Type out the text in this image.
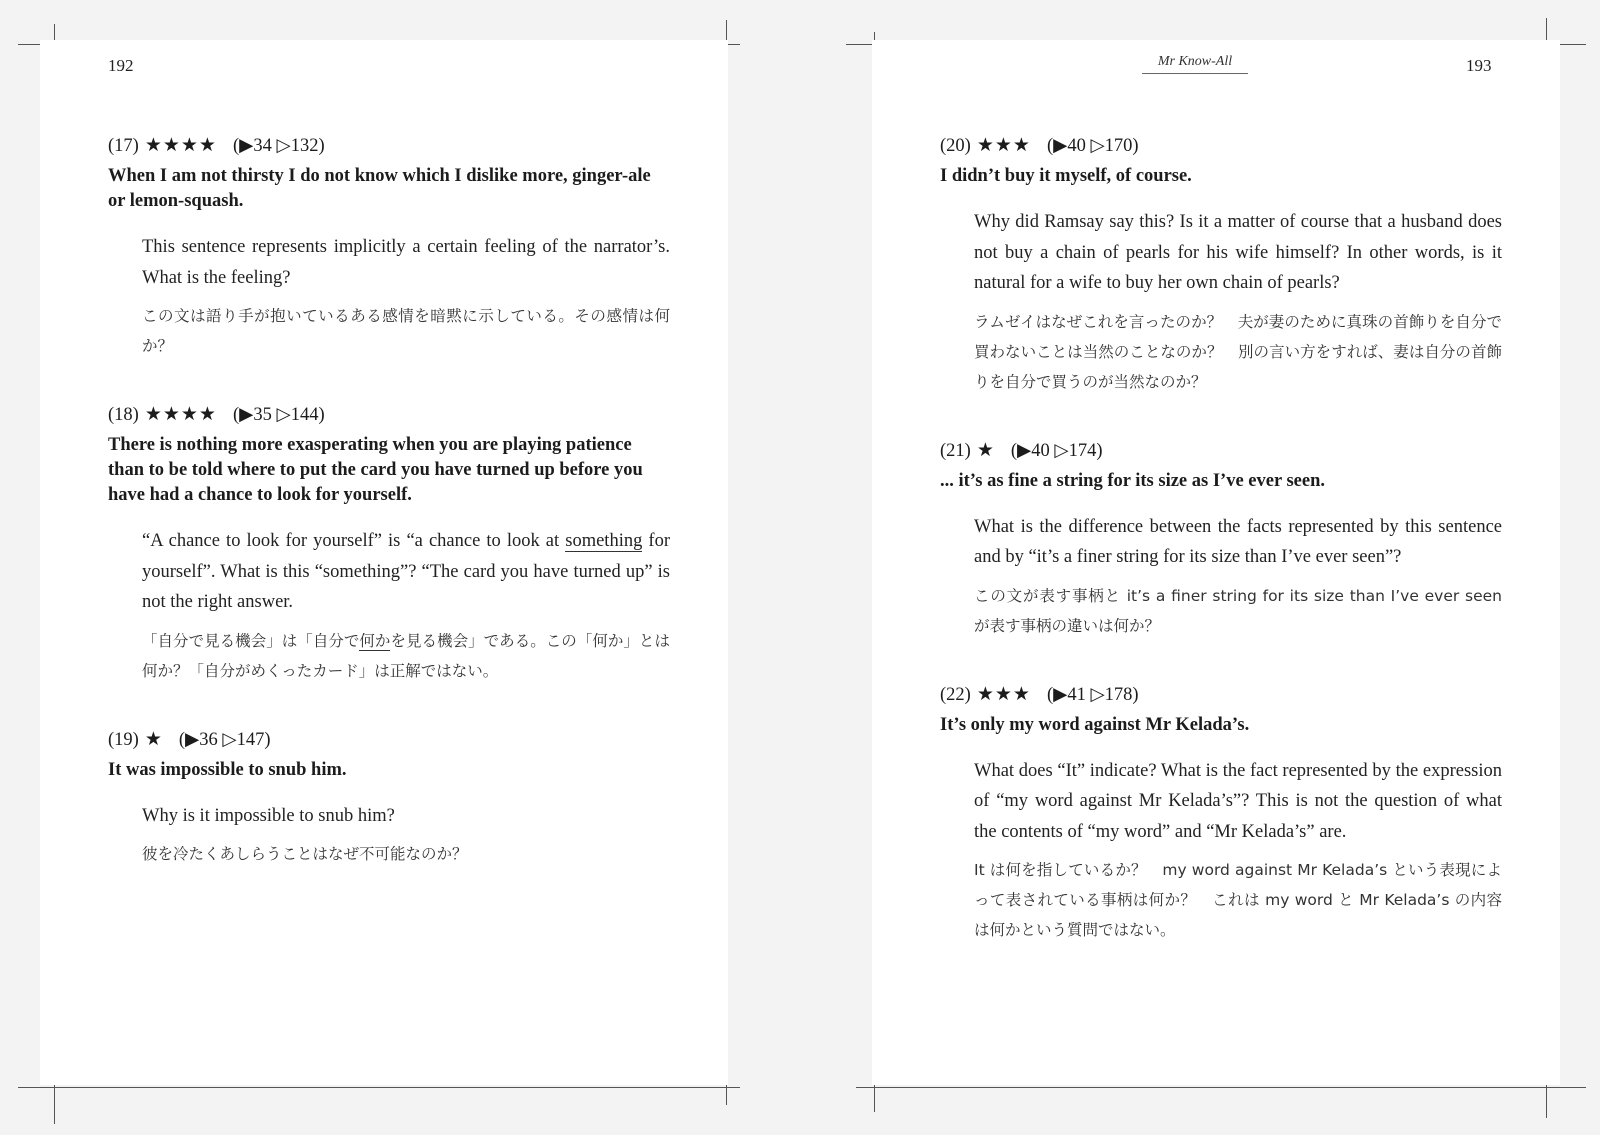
192
(17) ★★★★ (▶34 ▷132)

When I am not thirsty I do not know which I dislike more, ginger-ale or lemon-squash.

This sentence represents implicitly a certain feeling of the narrator’s. What is the feeling?

この文は語り手が抱いているある感情を暗黙に示している。その感情は何か？

(18) ★★★★ (▶35 ▷144)

There is nothing more exasperating when you are playing patience than to be told where to put the card you have turned up before you have had a chance to look for yourself.

“A chance to look for yourself” is “a chance to look at something for yourself”. What is this “something”? “The card you have turned up” is not the right answer.

「自分で見る機会」は「自分で何かを見る機会」である。この「何か」とは何か？「自分がめくったカード」は正解ではない。

(19) ★ (▶36 ▷147)

It was impossible to snub him.

Why is it impossible to snub him?

彼を冷たくあしらうことはなぜ不可能なのか？

Mr Know-All	193
(20) ★★★ (▶40 ▷170)

I didn’t buy it myself, of course.

Why did Ramsay say this? Is it a matter of course that a husband does not buy a chain of pearls for his wife himself? In other words, is it natural for a wife to buy her own chain of pearls?

ラムゼイはなぜこれを言ったのか？　夫が妻のために真珠の首飾りを自分で買わないことは当然のことなのか？　別の言い方をすれば、妻は自分の首飾りを自分で買うのが当然なのか？

(21) ★ (▶40 ▷174)

... it’s as fine a string for its size as I’ve ever seen.

What is the difference between the facts represented by this sentence and by “it’s a finer string for its size than I’ve ever seen”?

この文が表す事柄と it’s a finer string for its size than I’ve ever seen が表す事柄の違いは何か？

(22) ★★★ (▶41 ▷178)

It’s only my word against Mr Kelada’s.

What does “It” indicate? What is the fact represented by the expression of “my word against Mr Kelada’s”? This is not the question of what the contents of “my word” and “Mr Kelada’s” are.

It は何を指しているか？　my word against Mr Kelada’s という表現によって表されている事柄は何か？　これは my word と Mr Kelada’s の内容は何かという質問ではない。
